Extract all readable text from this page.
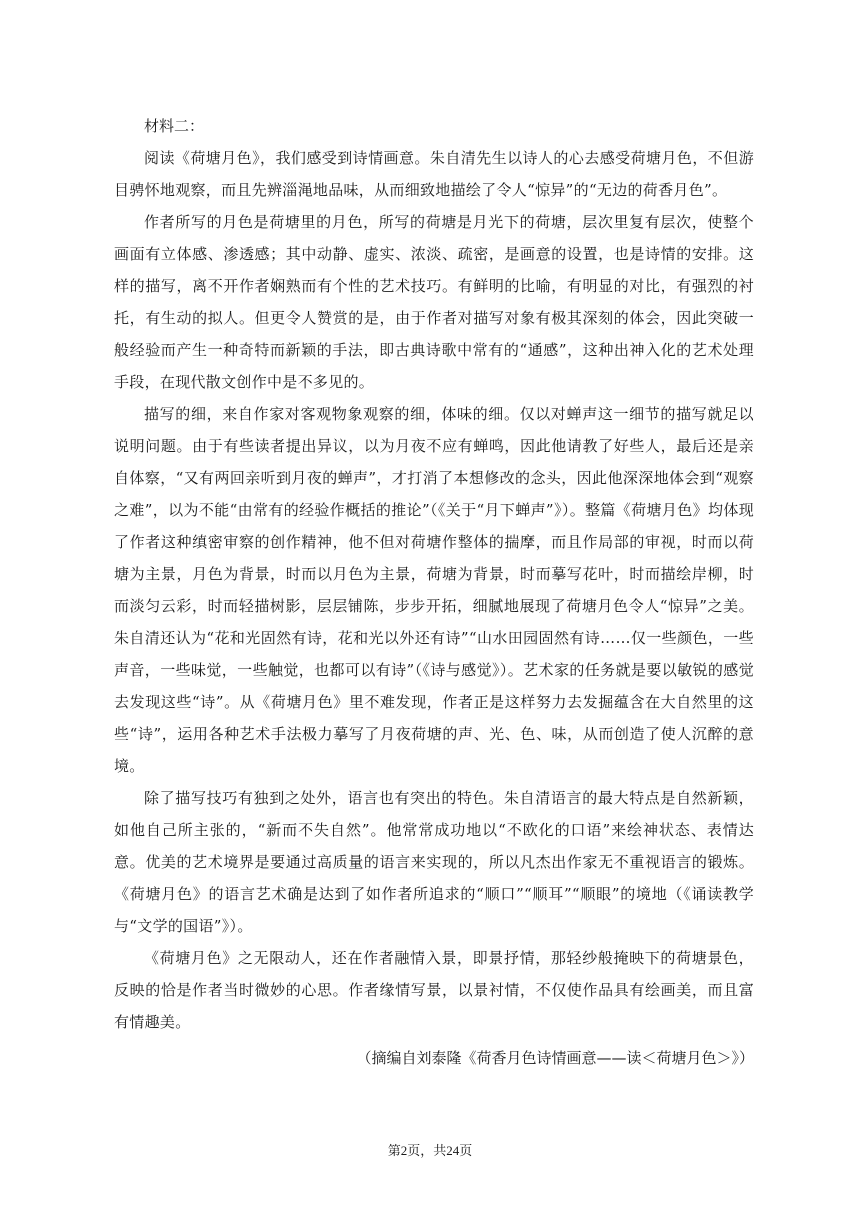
材料二：

阅读《荷塘月色》，我们感受到诗情画意。朱自清先生以诗人的心去感受荷塘月色，不但游目骋怀地观察，而且先辨淄渑地品味，从而细致地描绘了令人“惊异”的“无边的荷香月色”。

作者所写的月色是荷塘里的月色，所写的荷塘是月光下的荷塘，层次里复有层次，使整个画面有立体感、渗透感；其中动静、虚实、浓淡、疏密，是画意的设置，也是诗情的安排。这样的描写，离不开作者娴熟而有个性的艺术技巧。有鲜明的比喻，有明显的对比，有强烈的衬托，有生动的拟人。但更令人赞赏的是，由于作者对描写对象有极其深刻的体会，因此突破一般经验而产生一种奇特而新颖的手法，即古典诗歌中常有的“通感”，这种出神入化的艺术处理手段，在现代散文创作中是不多见的。

描写的细，来自作家对客观物象观察的细，体味的细。仅以对蝉声这一细节的描写就足以说明问题。由于有些读者提出异议，以为月夜不应有蝉鸣，因此他请教了好些人，最后还是亲自体察，“又有两回亲听到月夜的蝉声”，才打消了本想修改的念头，因此他深深地体会到“观察之难”，以为不能“由常有的经验作概括的推论”（《关于“月下蝉声”》）。整篇《荷塘月色》均体现了作者这种缜密审察的创作精神，他不但对荷塘作整体的揣摩，而且作局部的审视，时而以荷塘为主景，月色为背景，时而以月色为主景，荷塘为背景，时而摹写花叶，时而描绘岸柳，时而淡匀云彩，时而轻描树影，层层铺陈，步步开拓，细腻地展现了荷塘月色令人“惊异”之美。朱自清还认为“花和光固然有诗，花和光以外还有诗”“山水田园固然有诗……仅一些颜色，一些声音，一些味觉，一些触觉，也都可以有诗”（《诗与感觉》）。艺术家的任务就是要以敏锐的感觉去发现这些“诗”。从《荷塘月色》里不难发现，作者正是这样努力去发掘蕴含在大自然里的这些“诗”，运用各种艺术手法极力摹写了月夜荷塘的声、光、色、味，从而创造了使人沉醉的意境。

除了描写技巧有独到之处外，语言也有突出的特色。朱自清语言的最大特点是自然新颖，如他自己所主张的，“新而不失自然”。他常常成功地以“不欧化的口语”来绘神状态、表情达意。优美的艺术境界是要通过高质量的语言来实现的，所以凡杰出作家无不重视语言的锻炼。《荷塘月色》的语言艺术确是达到了如作者所追求的“顺口”“顺耳”“顺眼”的境地（《诵读教学与“文学的国语”》）。

《荷塘月色》之无限动人，还在作者融情入景，即景抒情，那轻纱般掩映下的荷塘景色，反映的恰是作者当时微妙的心思。作者缘情写景，以景衬情，不仅使作品具有绘画美，而且富有情趣美。

（摘编自刘泰隆《荷香月色诗情画意——读＜荷塘月色＞》）

第2页，共24页
